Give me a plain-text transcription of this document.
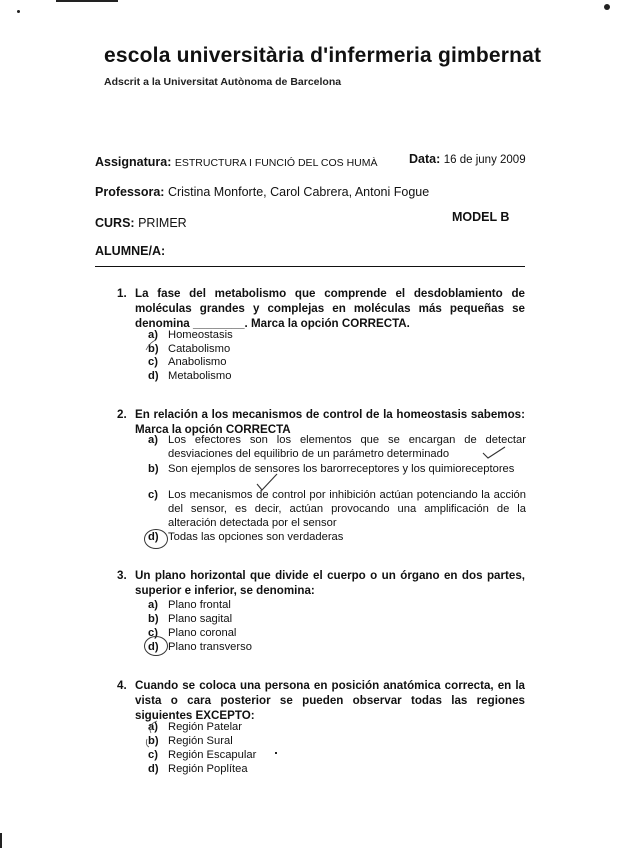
escola universitària d'infermeria gimbernat
Adscrit a la Universitat Autònoma de Barcelona
Assignatura: ESTRUCTURA I FUNCIÓ DEL COS HUMÀ	Data: 16 de juny 2009
Professora: Cristina Monforte, Carol Cabrera, Antoni Fogue
CURS: PRIMER	MODEL B
ALUMNE/A:
1. La fase del metabolismo que comprende el desdoblamiento de moléculas grandes y complejas en moléculas más pequeñas se denomina ________. Marca la opción CORRECTA.
a) Homeostasis
b) Catabolismo
c) Anabolismo
d) Metabolismo
2. En relación a los mecanismos de control de la homeostasis sabemos: Marca la opción CORRECTA
a) Los efectores son los elementos que se encargan de detectar desviaciones del equilibrio de un parámetro determinado
b) Son ejemplos de sensores los barorreceptores y los quimioreceptores
c) Los mecanismos de control por inhibición actúan potenciando la acción del sensor, es decir, actúan provocando una amplificación de la alteración detectada por el sensor
d) Todas las opciones son verdaderas
3. Un plano horizontal que divide el cuerpo o un órgano en dos partes, superior e inferior, se denomina:
a) Plano frontal
b) Plano sagital
c) Plano coronal
d) Plano transverso
4. Cuando se coloca una persona en posición anatómica correcta, en la vista o cara posterior se pueden observar todas las regiones siguientes EXCEPTO:
a) Región Patelar
b) Región Sural
c) Región Escapular
d) Región Poplítea
